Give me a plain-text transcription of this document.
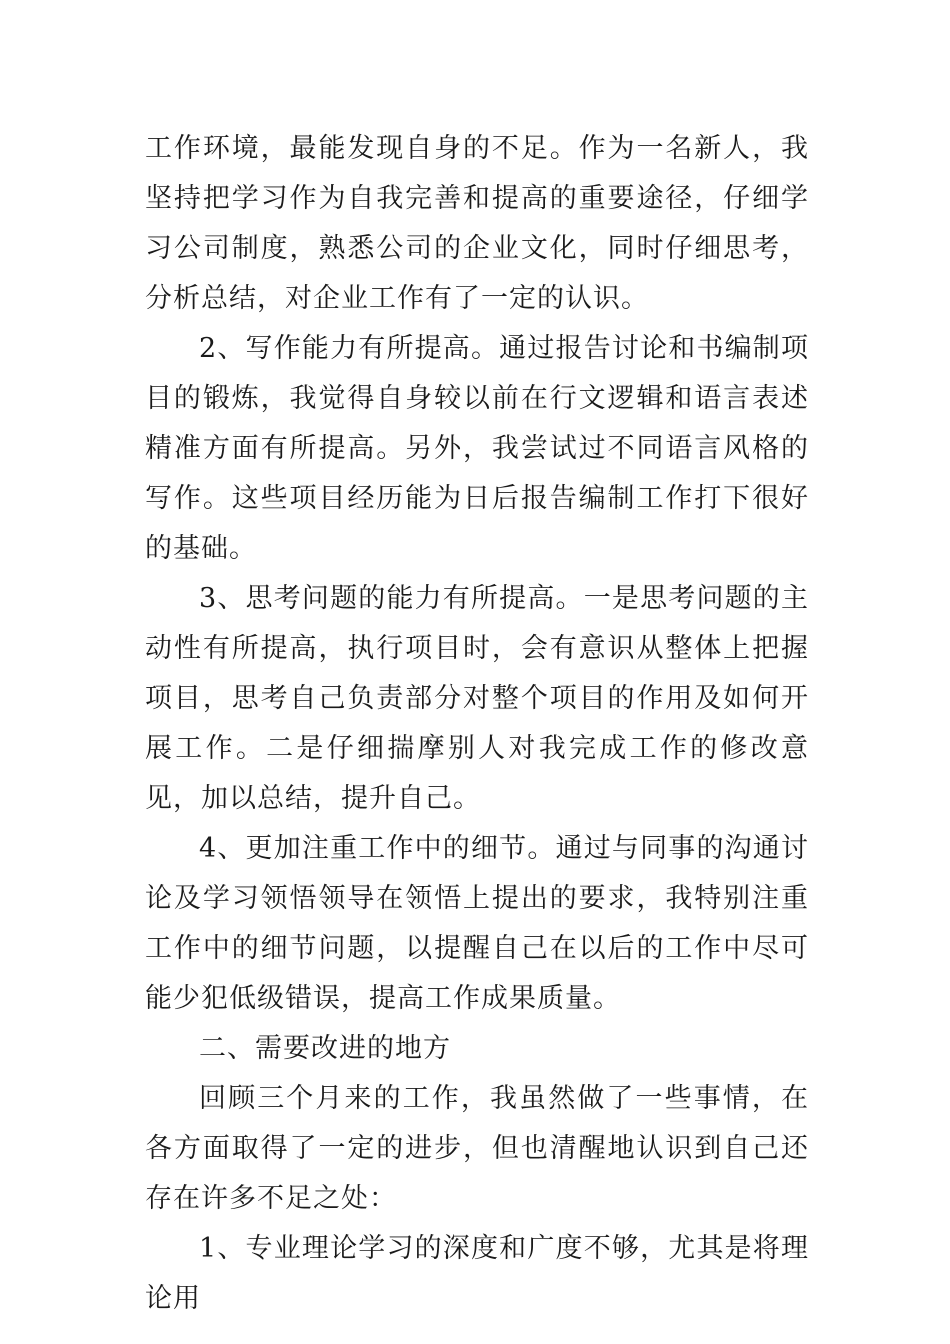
工作环境，最能发现自身的不足。作为一名新人，我坚持把学习作为自我完善和提高的重要途径，仔细学习公司制度，熟悉公司的企业文化，同时仔细思考，分析总结，对企业工作有了一定的认识。

2、写作能力有所提高。通过报告讨论和书编制项目的锻炼，我觉得自身较以前在行文逻辑和语言表述精准方面有所提高。另外，我尝试过不同语言风格的写作。这些项目经历能为日后报告编制工作打下很好的基础。

3、思考问题的能力有所提高。一是思考问题的主动性有所提高，执行项目时，会有意识从整体上把握项目，思考自己负责部分对整个项目的作用及如何开展工作。二是仔细揣摩别人对我完成工作的修改意见，加以总结，提升自己。

4、更加注重工作中的细节。通过与同事的沟通讨论及学习领悟领导在领悟上提出的要求，我特别注重工作中的细节问题，以提醒自己在以后的工作中尽可能少犯低级错误，提高工作成果质量。

二、需要改进的地方

回顾三个月来的工作，我虽然做了一些事情，在各方面取得了一定的进步，但也清醒地认识到自己还存在许多不足之处：

1、专业理论学习的深度和广度不够，尤其是将理论用
